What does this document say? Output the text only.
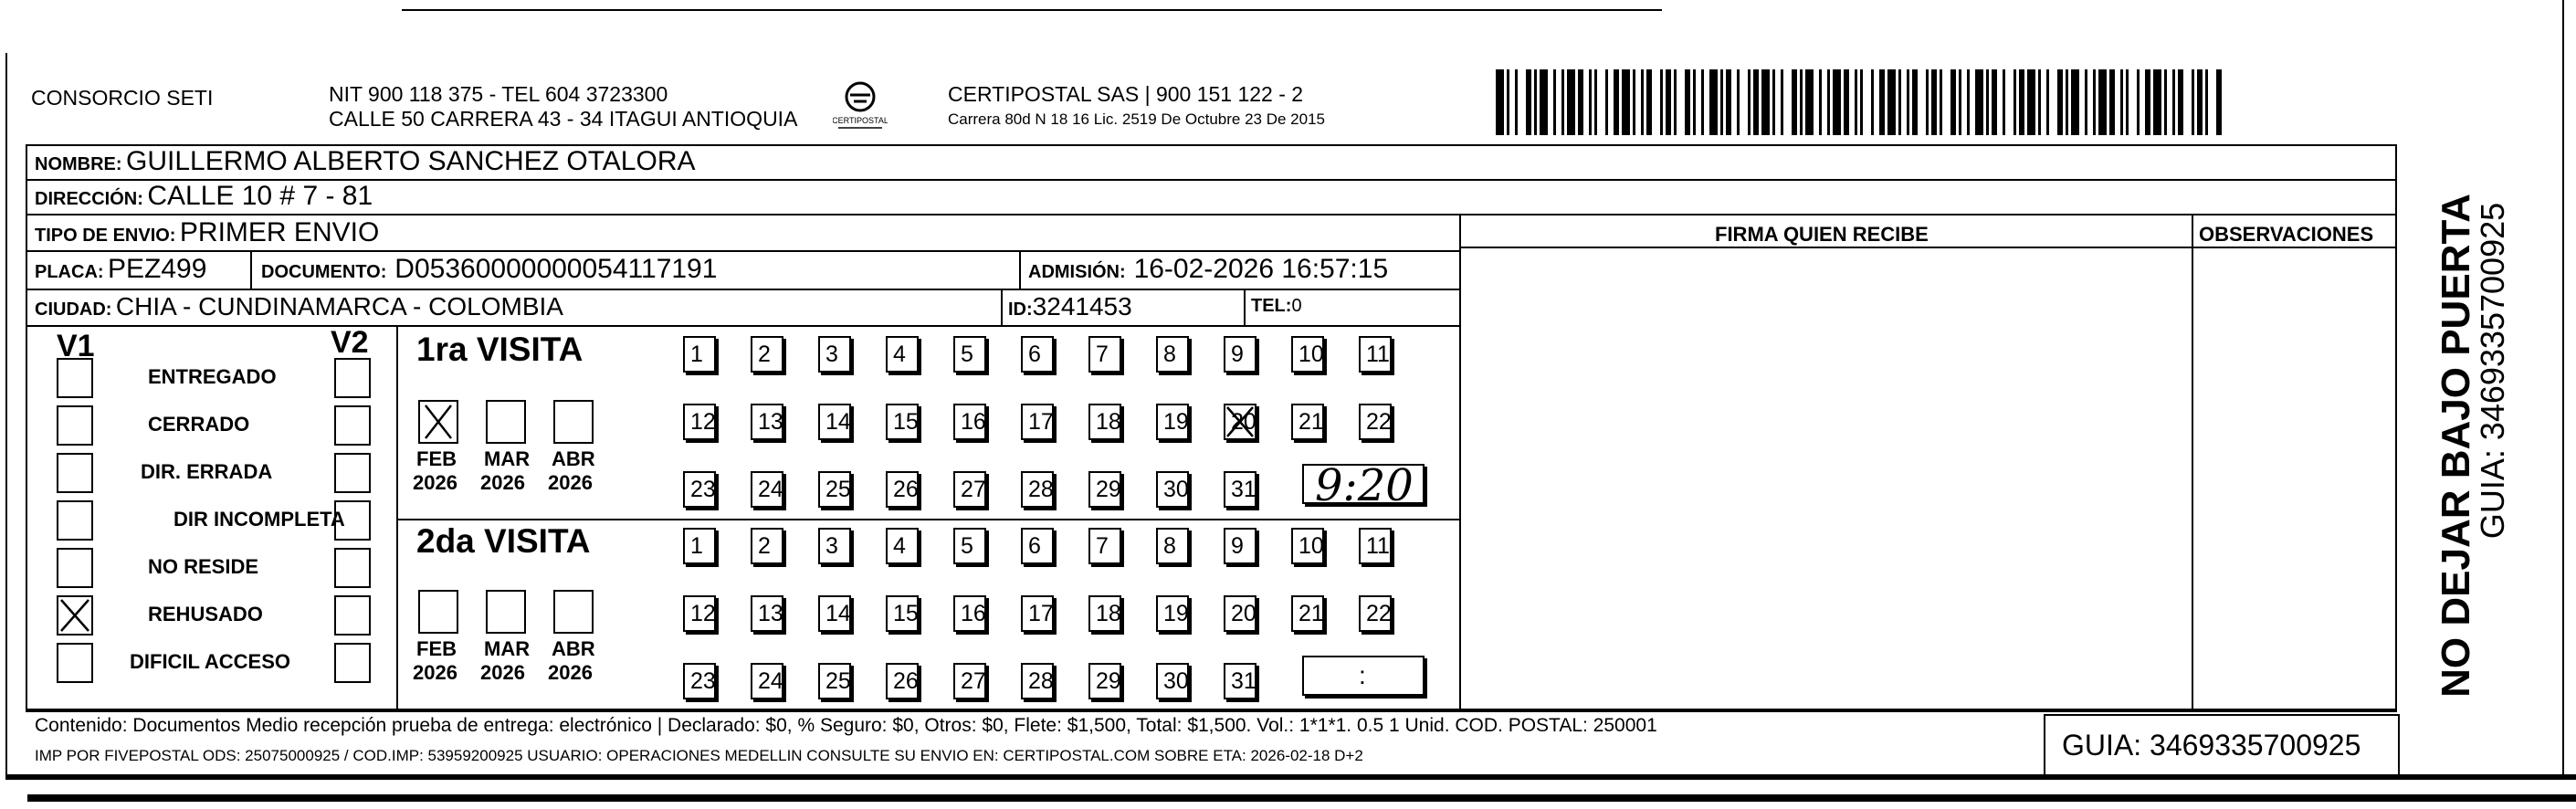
CONSORCIO SETI	NIT 900 118 375 - TEL 604 3723300
CALLE 50 CARRERA 43 - 34 ITAGUI ANTIOQUIA	CERTIPOSTAL
CERTIPOSTAL SAS | 900 151 122 - 2
Carrera 80d N 18 16 Lic. 2519 De Octubre 23 De 2015
NOMBRE: GUILLERMO ALBERTO SANCHEZ OTALORA
DIRECCIÓN: CALLE 10 # 7 - 81
TIPO DE ENVIO: PRIMER ENVIO
PLACA: PEZ499	DOCUMENTO: D05360000000054117191	ADMISIÓN: 16-02-2026 16:57:15
CIUDAD: CHIA - CUNDINAMARCA - COLOMBIA	ID:3241453	TEL:0
FIRMA QUIEN RECIBE	OBSERVACIONES
V1	V2
ENTREGADO
CERRADO
DIR. ERRADA
DIR INCOMPLETA
NO RESIDE
REHUSADO
DIFICIL ACCESO
1ra VISITA
2da VISITA
FEB
2026
MAR
2026
ABR
2026
FEB
2026
MAR
2026
ABR
2026
1	2	3	4	5	6	7	8	9	10	11
12	13	14	15	16	17	18	19	20	21	22
23	24	25	26	27	28	29	30	31
1	2	3	4	5	6	7	8	9	10	11
12	13	14	15	16	17	18	19	20	21	22
23	24	25	26	27	28	29	30	31
9:20
:
Contenido: Documentos Medio recepción prueba de entrega: electrónico | Declarado: $0, % Seguro: $0, Otros: $0, Flete: $1,500, Total: $1,500. Vol.: 1*1*1. 0.5 1 Unid. COD. POSTAL: 250001
IMP POR FIVEPOSTAL ODS: 25075000925 / COD.IMP: 53959200925 USUARIO: OPERACIONES MEDELLIN CONSULTE SU ENVIO EN: CERTIPOSTAL.COM SOBRE ETA: 2026-02-18 D+2	GUIA: 3469335700925
NO DEJAR BAJO PUERTA
GUIA: 3469335700925
